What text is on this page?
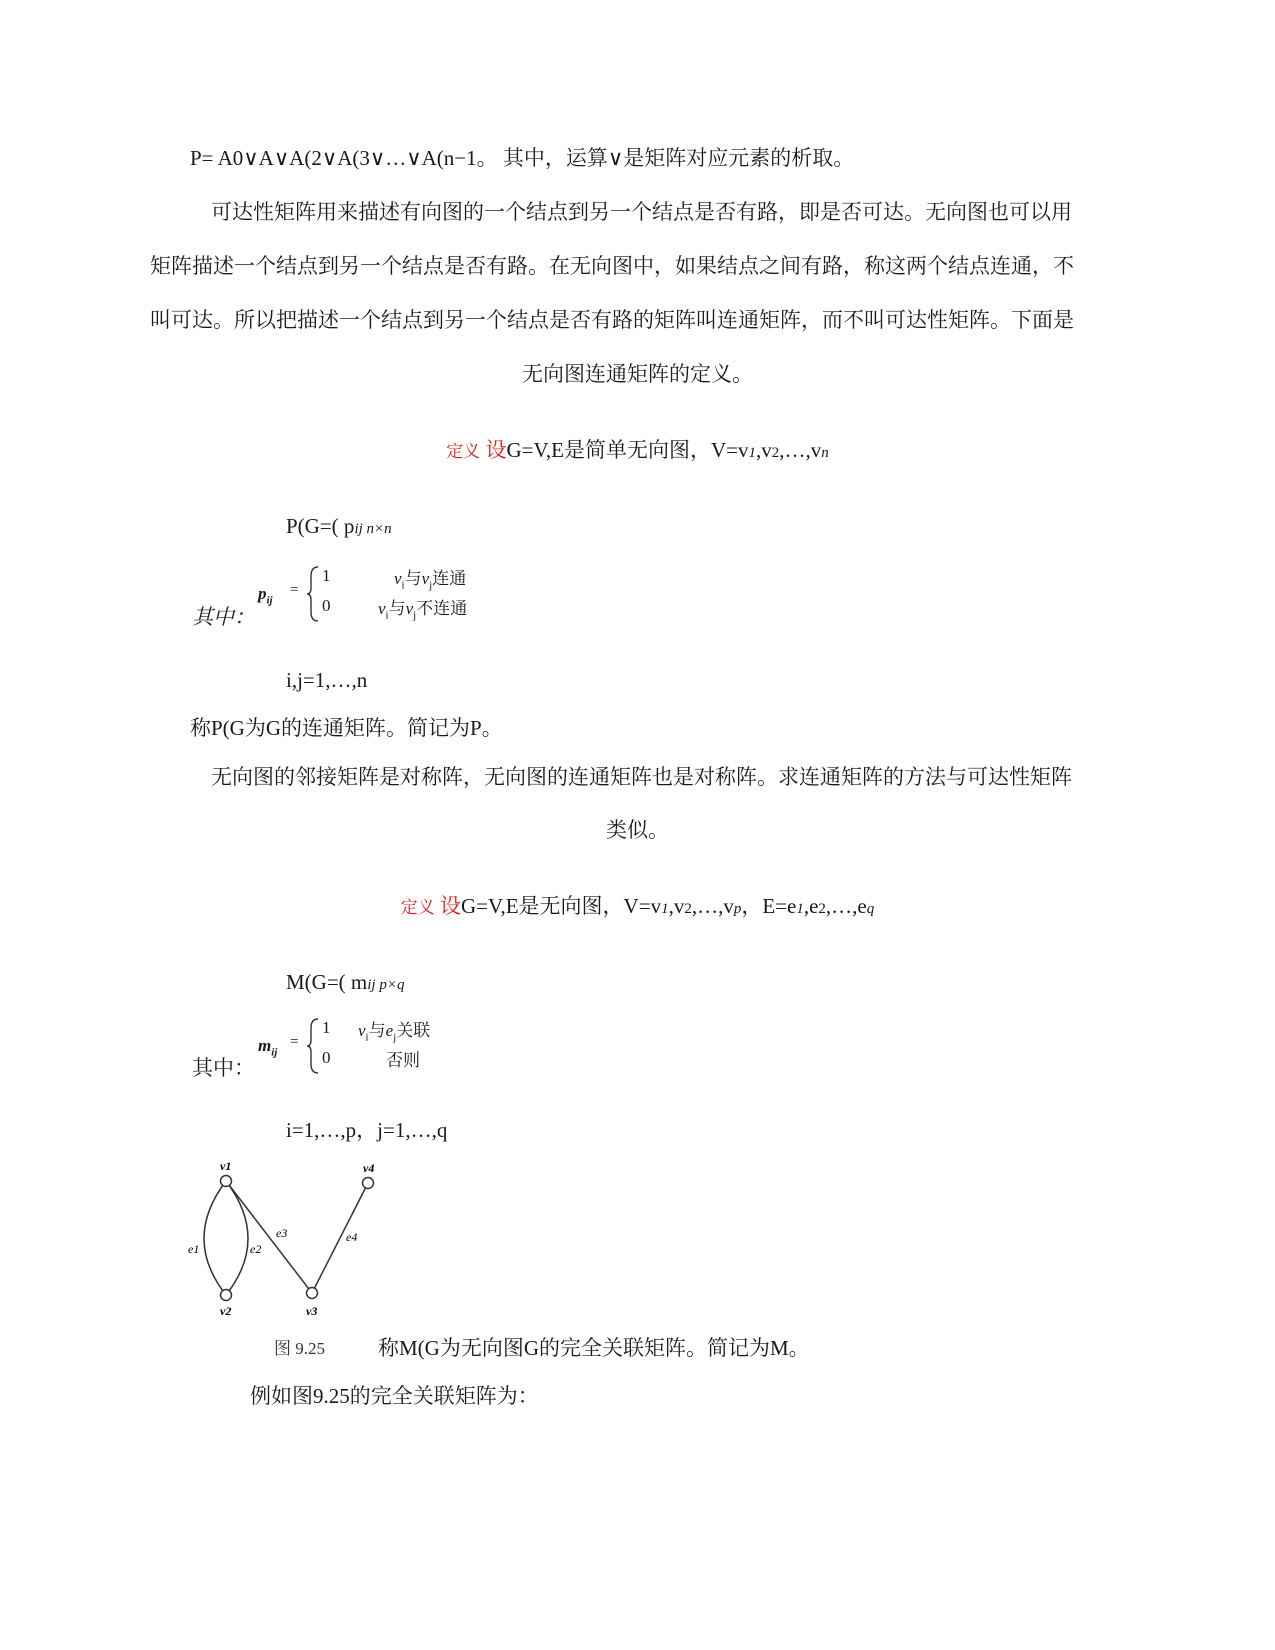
P= A0∨A∨A(2∨A(3∨…∨A(n−1。 其中，运算∨是矩阵对应元素的析取。
可达性矩阵用来描述有向图的一个结点到另一个结点是否有路，即是否可达。无向图也可以用
矩阵描述一个结点到另一个结点是否有路。在无向图中，如果结点之间有路，称这两个结点连通，不
叫可达。所以把描述一个结点到另一个结点是否有路的矩阵叫连通矩阵，而不叫可达性矩阵。下面是
无向图连通矩阵的定义。
定义 设G=V,E是简单无向图，V=v1,v2,…,vn
P(G=( pij n×n
其中：
$p_{ij}$
=
1	$v_i$与$v_j$连通
0	$v_i$与$v_j$不连通
i,j=1,…,n
称P(G为G的连通矩阵。简记为P。
无向图的邻接矩阵是对称阵，无向图的连通矩阵也是对称阵。求连通矩阵的方法与可达性矩阵
类似。
定义 设G=V,E是无向图，V=v1,v2,…,vp，E=e1,e2,…,eq
M(G=( mij p×q
其中：
$m_{ij}$
=
1 $v_i$与$e_j$关联
0	否则
i=1,…,p，j=1,…,q
v1
v2	v3
v4
e1	e2
e3	e4
图 9.25	称M(G为无向图G的完全关联矩阵。简记为M。
例如图9.25的完全关联矩阵为：
